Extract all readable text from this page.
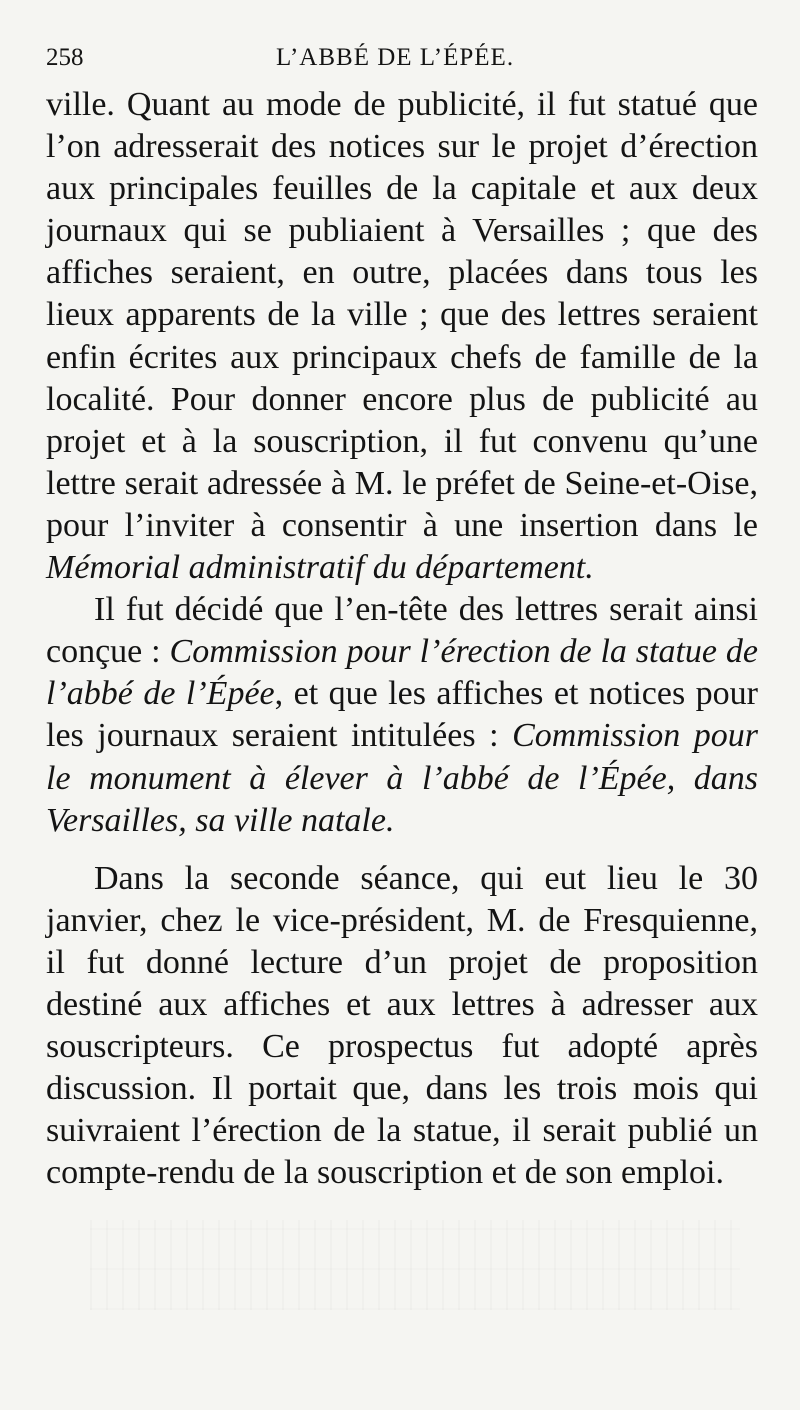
258	L’ABBÉ DE L’ÉPÉE.

ville. Quant au mode de publicité, il fut statué que l’on adresserait des notices sur le projet d’érection aux principales feuilles de la capitale et aux deux journaux qui se publiaient à Versailles ; que des affiches seraient, en outre, placées dans tous les lieux apparents de la ville ; que des lettres seraient enfin écrites aux principaux chefs de famille de la localité. Pour donner encore plus de publicité au projet et à la souscription, il fut convenu qu’une lettre serait adressée à M. le préfet de Seine-et-Oise, pour l’inviter à consentir à une insertion dans le Mémorial administratif du département.

Il fut décidé que l’en-tête des lettres serait ainsi conçue : Commission pour l’érection de la statue de l’abbé de l’Épée, et que les affiches et notices pour les journaux seraient intitulées : Commission pour le monument à élever à l’abbé de l’Épée, dans Versailles, sa ville natale.

Dans la seconde séance, qui eut lieu le 30 janvier, chez le vice-président, M. de Fresquienne, il fut donné lecture d’un projet de proposition destiné aux affiches et aux lettres à adresser aux souscripteurs. Ce prospectus fut adopté après discussion. Il portait que, dans les trois mois qui suivraient l’érection de la statue, il serait publié un compte-rendu de la souscription et de son emploi.
